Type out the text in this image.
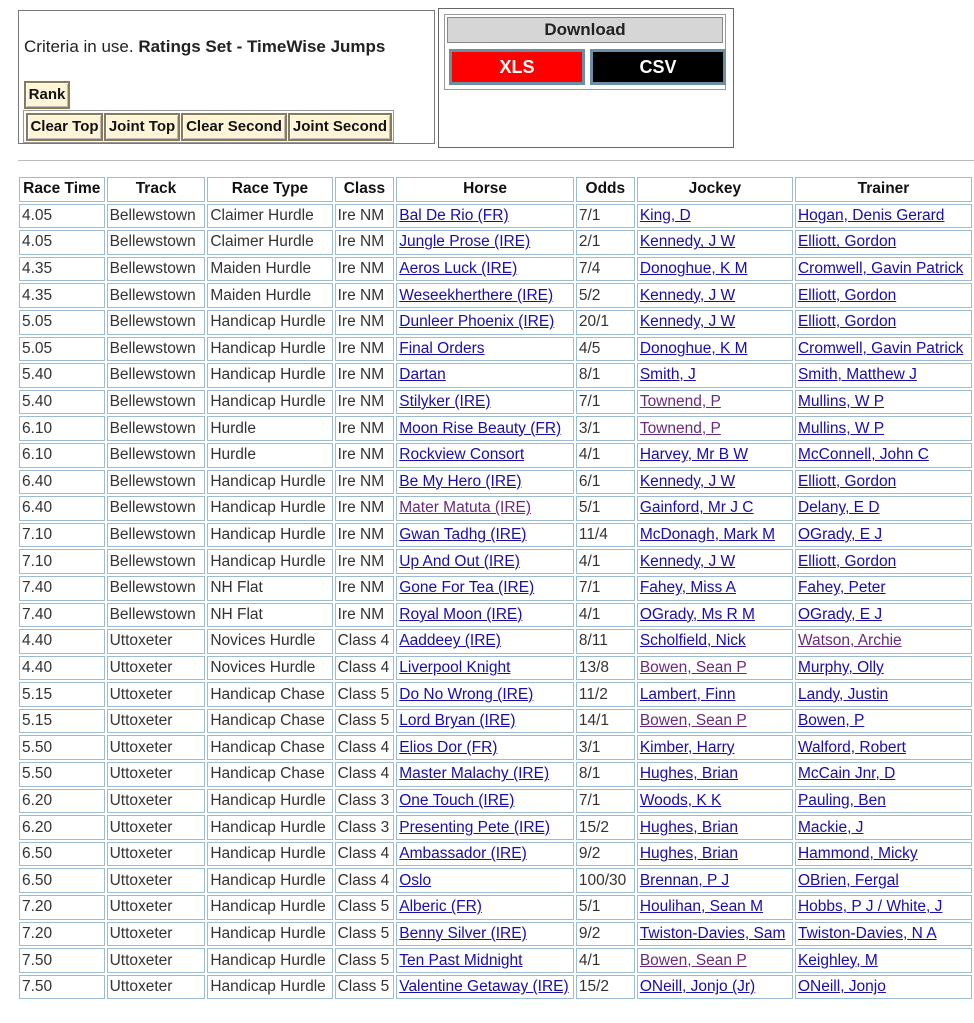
Criteria in use. Ratings Set - TimeWise Jumps
Rank
Clear Top Joint Top Clear Second Joint Second
Download
XLS	CSV
Race Time	Track	Race Type	Class	Horse	Odds	Jockey	Trainer
4.05	Bellewstown	Claimer Hurdle	Ire NM	Bal De Rio (FR)	7/1	King, D	Hogan, Denis Gerard
4.05	Bellewstown	Claimer Hurdle	Ire NM	Jungle Prose (IRE)	2/1	Kennedy, J W	Elliott, Gordon
4.35	Bellewstown	Maiden Hurdle	Ire NM	Aeros Luck (IRE)	7/4	Donoghue, K M	Cromwell, Gavin Patrick
4.35	Bellewstown	Maiden Hurdle	Ire NM	Weseekherthere (IRE)	5/2	Kennedy, J W	Elliott, Gordon
5.05	Bellewstown	Handicap Hurdle	Ire NM	Dunleer Phoenix (IRE)	20/1	Kennedy, J W	Elliott, Gordon
5.05	Bellewstown	Handicap Hurdle	Ire NM	Final Orders	4/5	Donoghue, K M	Cromwell, Gavin Patrick
5.40	Bellewstown	Handicap Hurdle	Ire NM	Dartan	8/1	Smith, J	Smith, Matthew J
5.40	Bellewstown	Handicap Hurdle	Ire NM	Stilyker (IRE)	7/1	Townend, P	Mullins, W P
6.10	Bellewstown	Hurdle	Ire NM	Moon Rise Beauty (FR)	3/1	Townend, P	Mullins, W P
6.10	Bellewstown	Hurdle	Ire NM	Rockview Consort	4/1	Harvey, Mr B W	McConnell, John C
6.40	Bellewstown	Handicap Hurdle	Ire NM	Be My Hero (IRE)	6/1	Kennedy, J W	Elliott, Gordon
6.40	Bellewstown	Handicap Hurdle	Ire NM	Mater Matuta (IRE)	5/1	Gainford, Mr J C	Delany, E D
7.10	Bellewstown	Handicap Hurdle	Ire NM	Gwan Tadhg (IRE)	11/4	McDonagh, Mark M	OGrady, E J
7.10	Bellewstown	Handicap Hurdle	Ire NM	Up And Out (IRE)	4/1	Kennedy, J W	Elliott, Gordon
7.40	Bellewstown	NH Flat	Ire NM	Gone For Tea (IRE)	7/1	Fahey, Miss A	Fahey, Peter
7.40	Bellewstown	NH Flat	Ire NM	Royal Moon (IRE)	4/1	OGrady, Ms R M	OGrady, E J
4.40	Uttoxeter	Novices Hurdle	Class 4	Aaddeey (IRE)	8/11	Scholfield, Nick	Watson, Archie
4.40	Uttoxeter	Novices Hurdle	Class 4	Liverpool Knight	13/8	Bowen, Sean P	Murphy, Olly
5.15	Uttoxeter	Handicap Chase	Class 5	Do No Wrong (IRE)	11/2	Lambert, Finn	Landy, Justin
5.15	Uttoxeter	Handicap Chase	Class 5	Lord Bryan (IRE)	14/1	Bowen, Sean P	Bowen, P
5.50	Uttoxeter	Handicap Chase	Class 4	Elios Dor (FR)	3/1	Kimber, Harry	Walford, Robert
5.50	Uttoxeter	Handicap Chase	Class 4	Master Malachy (IRE)	8/1	Hughes, Brian	McCain Jnr, D
6.20	Uttoxeter	Handicap Hurdle	Class 3	One Touch (IRE)	7/1	Woods, K K	Pauling, Ben
6.20	Uttoxeter	Handicap Hurdle	Class 3	Presenting Pete (IRE)	15/2	Hughes, Brian	Mackie, J
6.50	Uttoxeter	Handicap Hurdle	Class 4	Ambassador (IRE)	9/2	Hughes, Brian	Hammond, Micky
6.50	Uttoxeter	Handicap Hurdle	Class 4	Oslo	100/30	Brennan, P J	OBrien, Fergal
7.20	Uttoxeter	Handicap Hurdle	Class 5	Alberic (FR)	5/1	Houlihan, Sean M	Hobbs, P J / White, J
7.20	Uttoxeter	Handicap Hurdle	Class 5	Benny Silver (IRE)	9/2	Twiston-Davies, Sam	Twiston-Davies, N A
7.50	Uttoxeter	Handicap Hurdle	Class 5	Ten Past Midnight	4/1	Bowen, Sean P	Keighley, M
7.50	Uttoxeter	Handicap Hurdle	Class 5	Valentine Getaway (IRE)	15/2	ONeill, Jonjo (Jr)	ONeill, Jonjo
